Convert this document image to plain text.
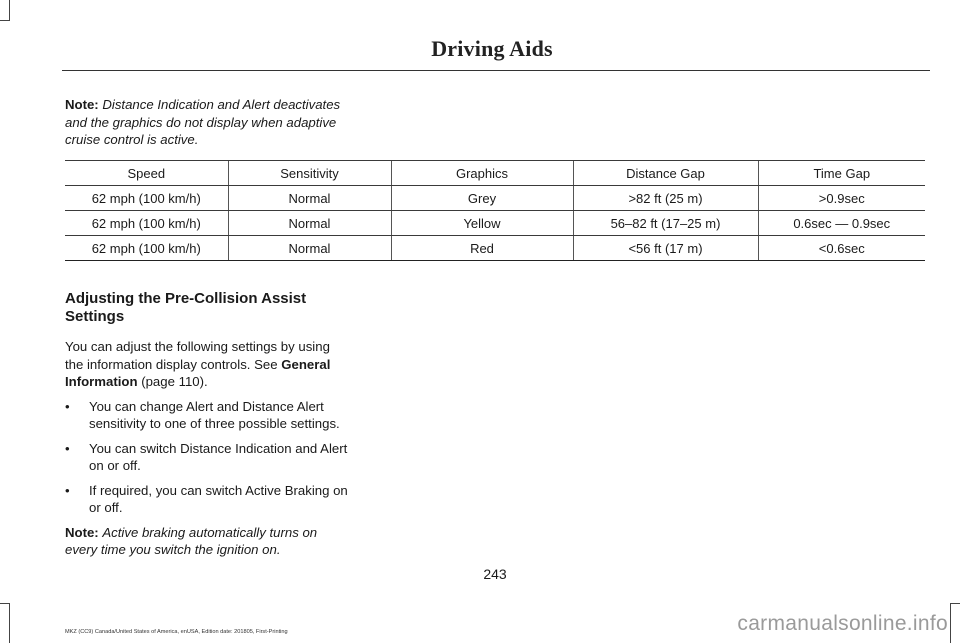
Driving Aids
Note: Distance Indication and Alert deactivates and the graphics do not display when adaptive cruise control is active.
Speed	Sensitivity	Graphics	Distance Gap	Time Gap
62 mph (100 km/h)	Normal	Grey	>82 ft (25 m)	>0.9sec
62 mph (100 km/h)	Normal	Yellow	56–82 ft (17–25 m)	0.6sec — 0.9sec
62 mph (100 km/h)	Normal	Red	<56 ft (17 m)	<0.6sec
Adjusting the Pre-Collision Assist Settings

You can adjust the following settings by using the information display controls. See General Information (page 110).

• You can change Alert and Distance Alert sensitivity to one of three possible settings.
• You can switch Distance Indication and Alert on or off.
• If required, you can switch Active Braking on or off.

Note: Active braking automatically turns on every time you switch the ignition on.

243
MKZ (CC9) Canada/United States of America, enUSA, Edition date: 201805, First-Printing	carmanualsonline.info
